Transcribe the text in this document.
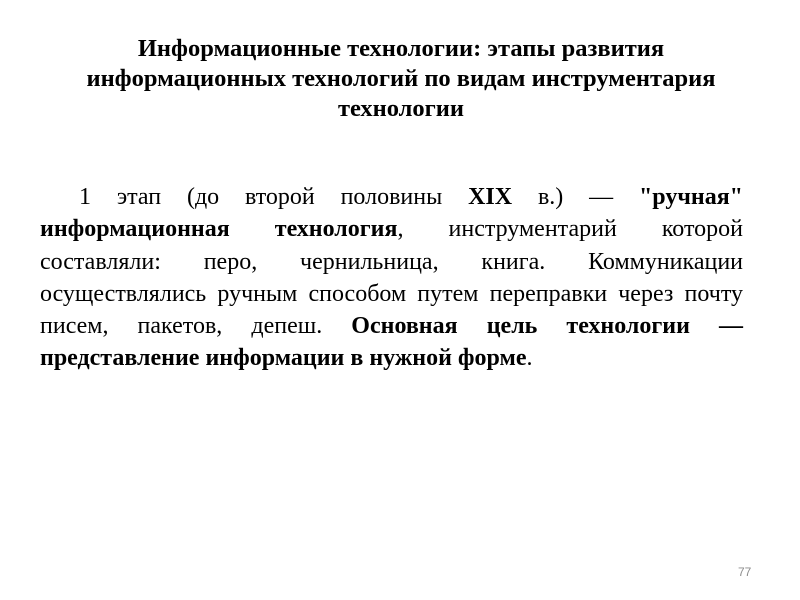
Информационные технологии: этапы развития
информационных технологий по видам инструментария
технологии

1 этап (до второй половины XIX в.) — "ручная" информационная технология, инструментарий которой составляли: перо, чернильница, книга. Коммуникации осуществлялись ручным способом путем переправки через почту писем, пакетов, депеш. Основная цель технологии — представление информации в нужной форме.

77
